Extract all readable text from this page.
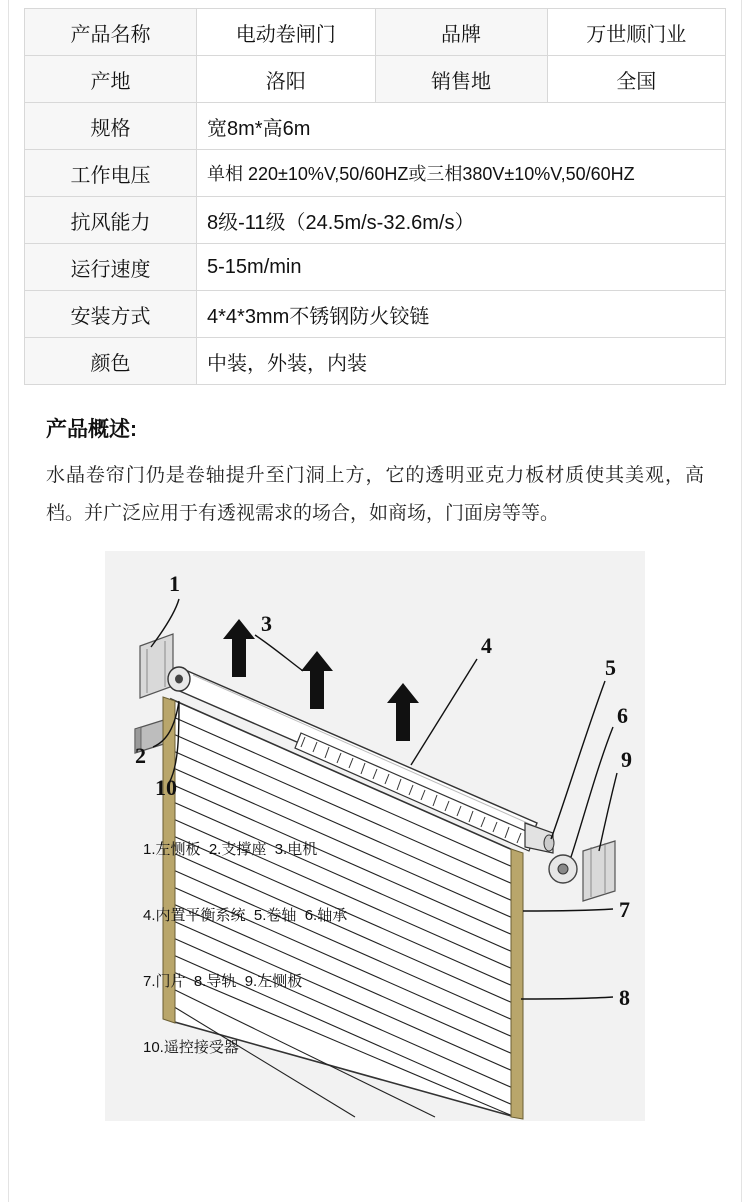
产品名称	电动卷闸门	品牌	万世顺门业
产地	洛阳	销售地	全国
规格	宽8m*高6m		
工作电压	单相 220±10%V,50/60HZ或三相380V±10%V,50/60HZ		
抗风能力	8级-11级（24.5m/s-32.6m/s）		
运行速度	5-15m/min		
安装方式	4*4*3mm不锈钢防火铰链		
颜色	中装，外装，内装		
产品概述:
水晶卷帘门仍是卷轴提升至门洞上方，它的透明亚克力板材质使其美观，高档。并广泛应用于有透视需求的场合，如商场，门面房等等。
1
2
3
4
5
6
7
8
9
10

1.左恻板  2.支撑座  3.电机

4.内置平衡系统  5.卷轴  6.轴承

7.门片  8.导轨  9.左恻板

10.遥控接受器
